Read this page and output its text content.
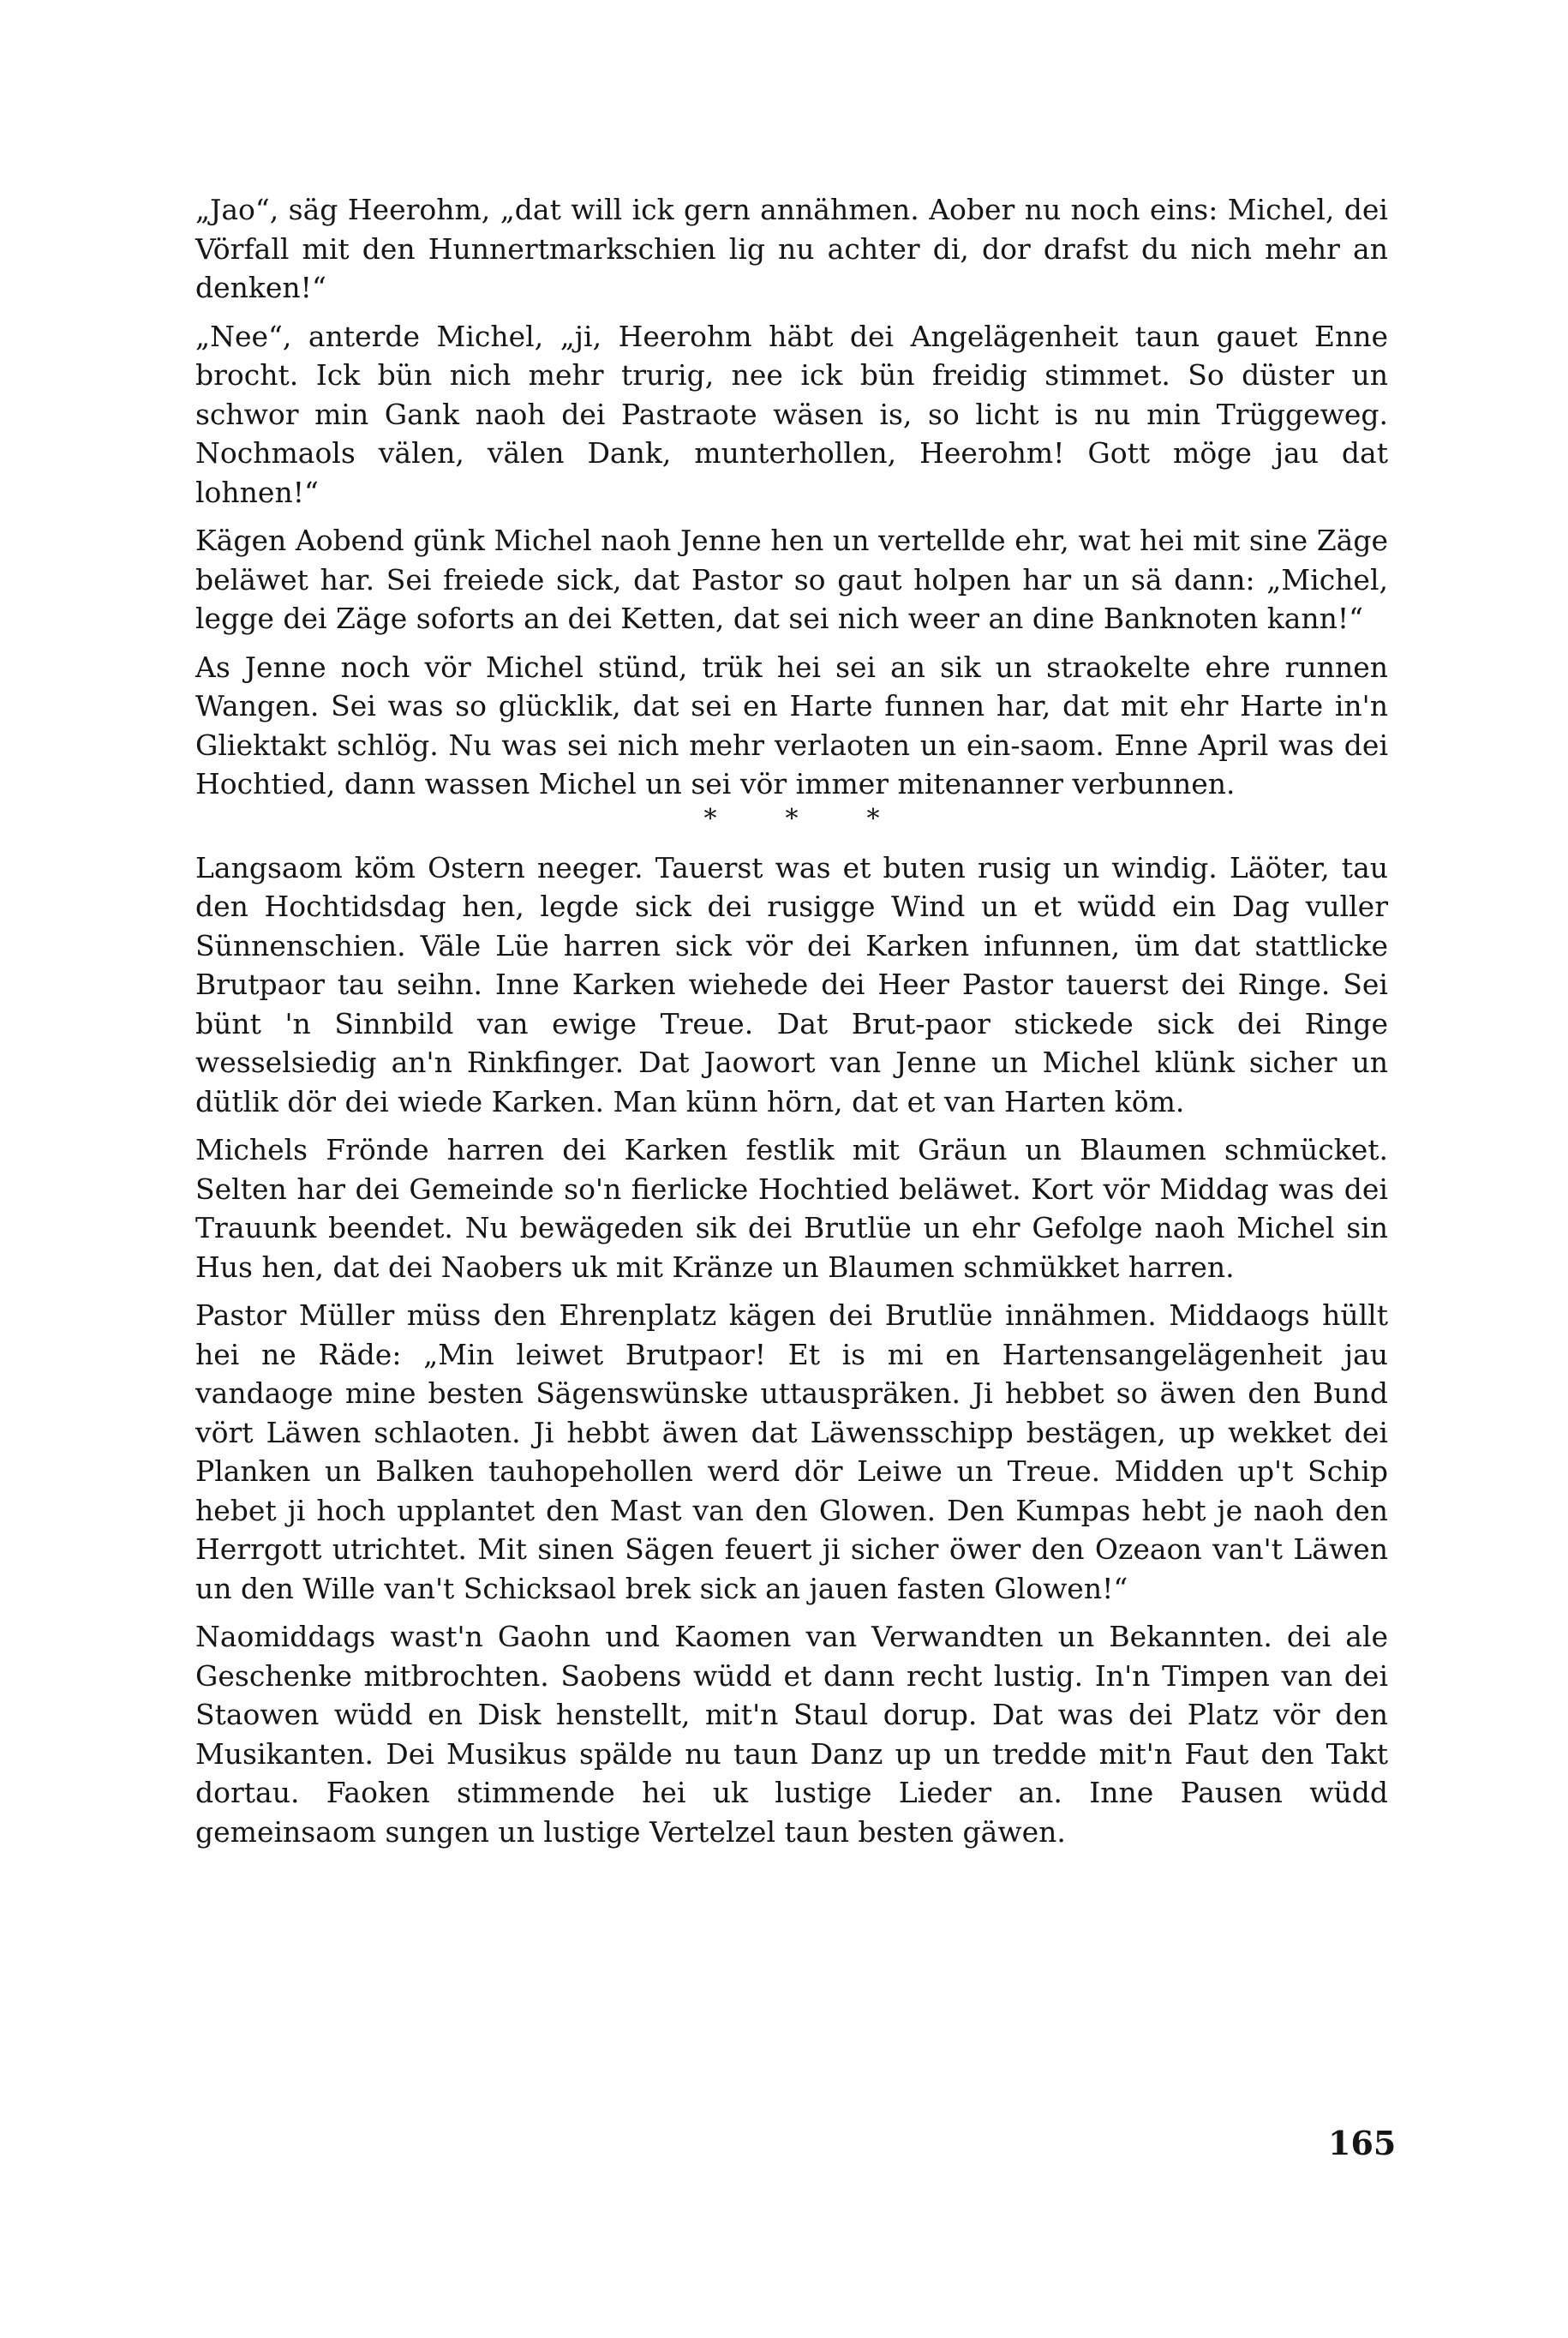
„Jao“, säg Heerohm, „dat will ick gern annähmen. Aober nu noch eins: Michel, dei Vörfall mit den Hunnertmarkschien lig nu achter di, dor drafst du nich mehr an denken!“

„Nee“, anterde Michel, „ji, Heerohm häbt dei Angelägenheit taun gauet Enne brocht. Ick bün nich mehr trurig, nee ick bün freidig stimmet. So düster un schwor min Gank naoh dei Pastraote wäsen is, so licht is nu min Trüggeweg. Nochmaols välen, välen Dank, munterhollen, Heerohm! Gott möge jau dat lohnen!“

Kägen Aobend günk Michel naoh Jenne hen un vertellde ehr, wat hei mit sine Zäge beläwet har. Sei freiede sick, dat Pastor so gaut holpen har un sä dann: „Michel, legge dei Zäge soforts an dei Ketten, dat sei nich weer an dine Banknoten kann!“

As Jenne noch vör Michel stünd, trük hei sei an sik un straokelte ehre runnen Wangen. Sei was so glücklik, dat sei en Harte funnen har, dat mit ehr Harte in'n Gliektakt schlög. Nu was sei nich mehr verlaoten un ein-saom. Enne April was dei Hochtied, dann wassen Michel un sei vör immer mitenanner verbunnen.

*	*	*

Langsaom köm Ostern neeger. Tauerst was et buten rusig un windig. Läöter, tau den Hochtidsdag hen, legde sick dei rusigge Wind un et wüdd ein Dag vuller Sünnenschien. Väle Lüe harren sick vör dei Karken infunnen, üm dat stattlicke Brutpaor tau seihn. Inne Karken wiehede dei Heer Pastor tauerst dei Ringe. Sei bünt 'n Sinnbild van ewige Treue. Dat Brut-paor stickede sick dei Ringe wesselsiedig an'n Rinkfinger. Dat Jaowort van Jenne un Michel klünk sicher un dütlik dör dei wiede Karken. Man künn hörn, dat et van Harten köm.

Michels Frönde harren dei Karken festlik mit Gräun un Blaumen schmücket. Selten har dei Gemeinde so'n fierlicke Hochtied beläwet. Kort vör Middag was dei Trauunk beendet. Nu bewägeden sik dei Brutlüe un ehr Gefolge naoh Michel sin Hus hen, dat dei Naobers uk mit Kränze un Blaumen schmükket harren.

Pastor Müller müss den Ehrenplatz kägen dei Brutlüe innähmen. Middaogs hüllt hei ne Räde: „Min leiwet Brutpaor! Et is mi en Hartensangelägenheit jau vandaoge mine besten Sägenswünske uttauspräken. Ji hebbet so äwen den Bund vört Läwen schlaoten. Ji hebbt äwen dat Läwensschipp bestägen, up wekket dei Planken un Balken tauhopehollen werd dör Leiwe un Treue. Midden up't Schip hebet ji hoch upplantet den Mast van den Glowen. Den Kumpas hebt je naoh den Herrgott utrichtet. Mit sinen Sägen feuert ji sicher öwer den Ozeaon van't Läwen un den Wille van't Schicksaol brek sick an jauen fasten Glowen!“

Naomiddags wast'n Gaohn und Kaomen van Verwandten un Bekannten. dei ale Geschenke mitbrochten. Saobens wüdd et dann recht lustig. In'n Timpen van dei Staowen wüdd en Disk henstellt, mit'n Staul dorup. Dat was dei Platz vör den Musikanten. Dei Musikus spälde nu taun Danz up un tredde mit'n Faut den Takt dortau. Faoken stimmende hei uk lustige Lieder an. Inne Pausen wüdd gemeinsaom sungen un lustige Vertelzel taun besten gäwen.

165
